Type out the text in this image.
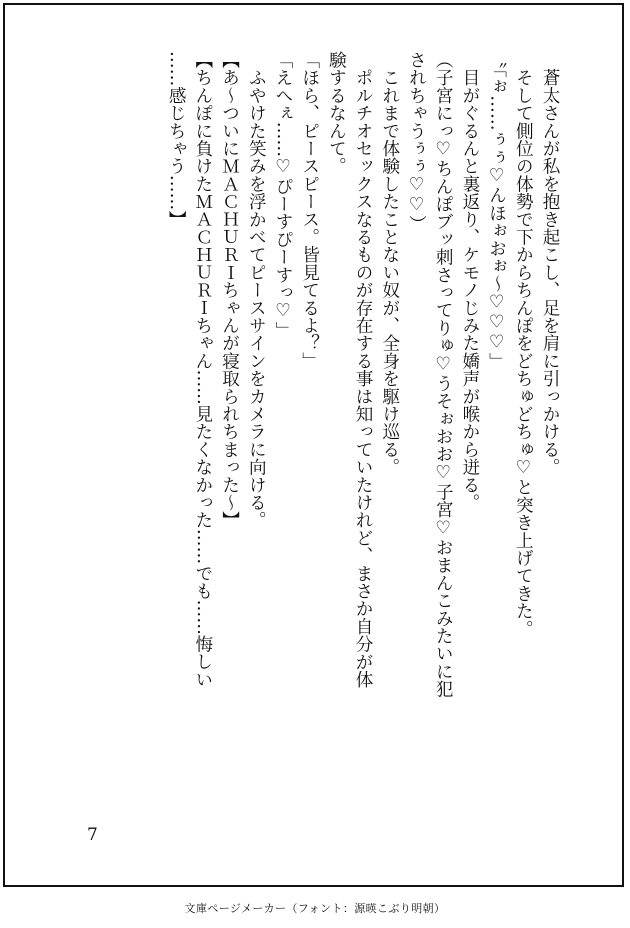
　蒼太さんが私を抱き起こし、足を肩に引っかける。
　そして側位の体勢で下からちんぽをどちゅどちゅ♡と突き上げてきた。
〝「ぉ……ぅぅ♡んほぉおぉ～♡♡♡」
　目がぐるんと裏返り、ケモノじみた嬌声が喉から迸る。
（子宮にっ♡ちんぽブッ刺さってりゅ♡うそぉおお♡子宮♡おまんこみたいに犯
されちゃうぅぅ♡♡）
　これまで体験したことない奴が、全身を駆け巡る。
　ポルチオセックスなるものが存在する事は知っていたけれど、まさか自分が体
験するなんて。
「ほら、ピースピース。皆見てるよ？」
「えへぇ……♡ぴーすぴーすっ♡」
　ふやけた笑みを浮かべてピースサインをカメラに向ける。
【あ～ついにＭＡＣＨＵＲＩちゃんが寝取られちまった～】
【ちんぽに負けたＭＡＣＨＵＲＩちゃん……見たくなかった……でも……悔しい
……感じちゃう……】
7
文庫ページメーカー（フォント：源暎こぶり明朝）
